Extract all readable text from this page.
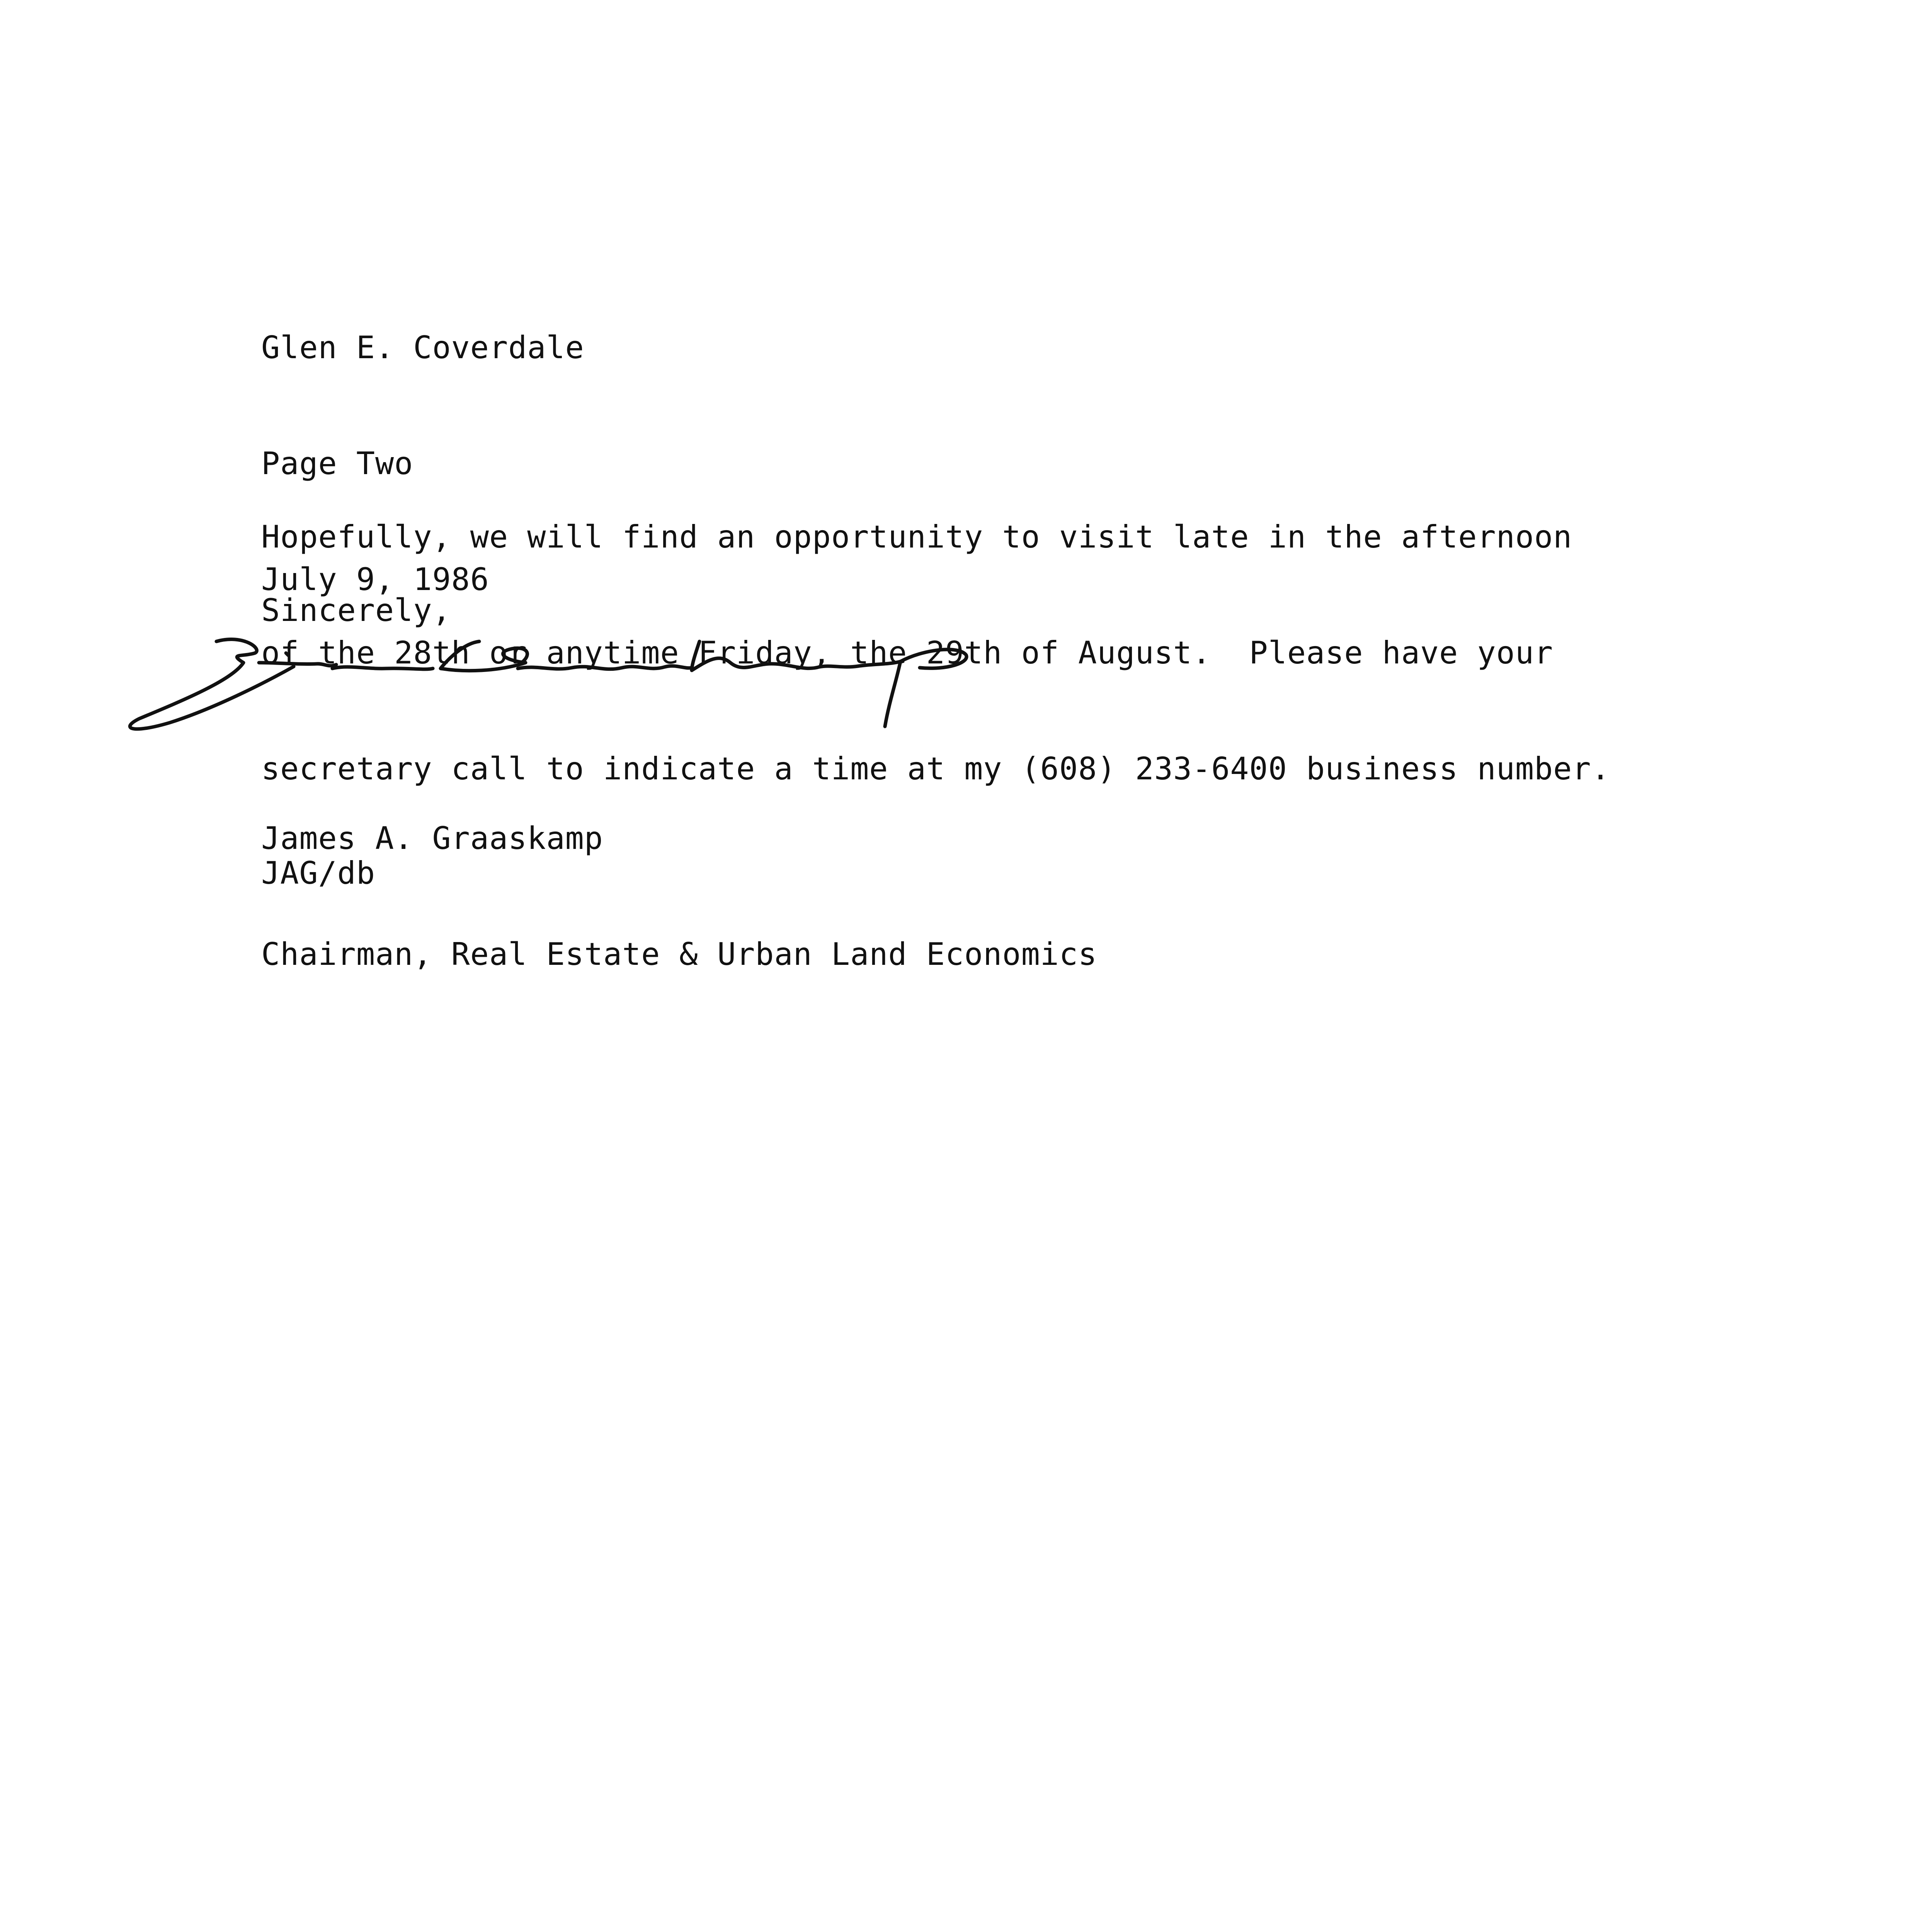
Glen E. Coverdale

Page Two

July 9, 1986

Hopefully, we will find an opportunity to visit late in the afternoon

of the 28th or anytime Friday, the 29th of August.  Please have your

secretary call to indicate a time at my (608) 233-6400 business number.

Sincerely,

James A. Graaskamp

Chairman, Real Estate & Urban Land Economics

JAG/db
